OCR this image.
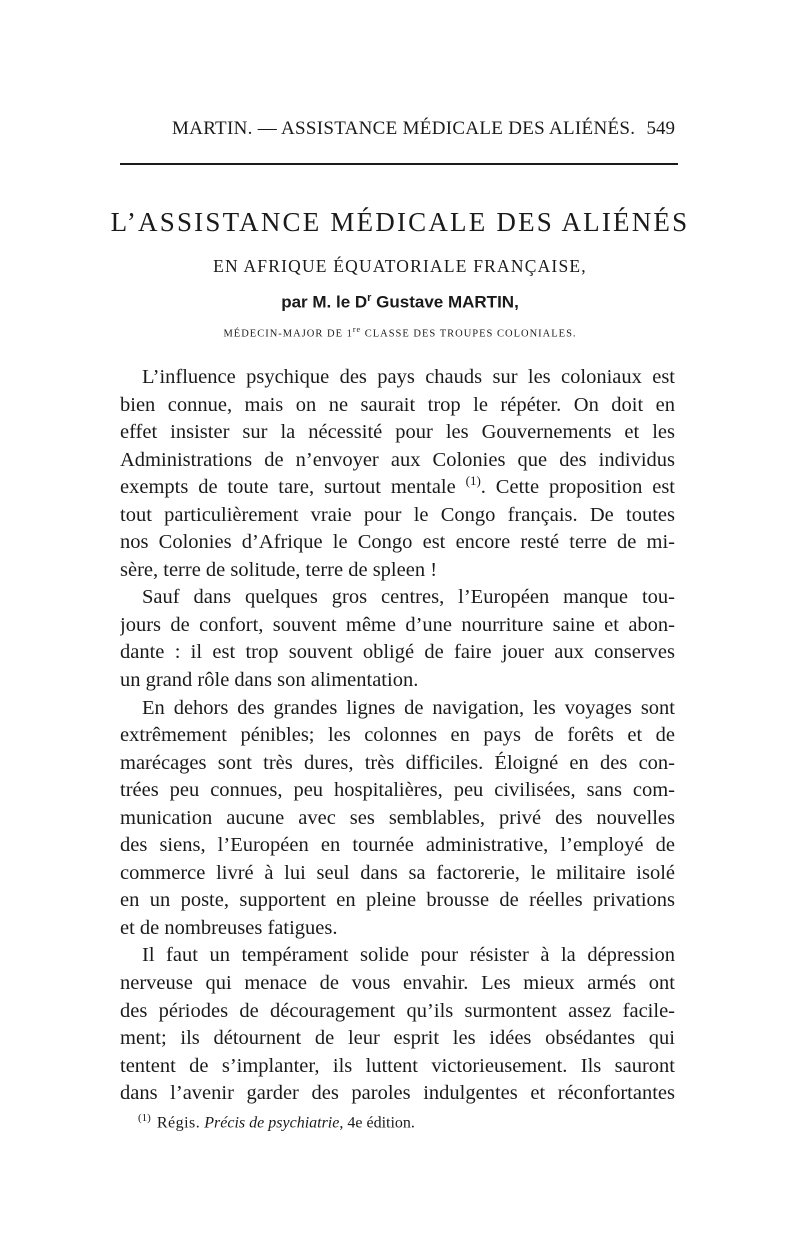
MARTIN. — ASSISTANCE MÉDICALE DES ALIÉNÉS. 549
L’ASSISTANCE MÉDICALE DES ALIÉNÉS
EN AFRIQUE ÉQUATORIALE FRANÇAISE,
par M. le $D^r$ Gustave MARTIN,
MÉDECIN-MAJOR DE 1re CLASSE DES TROUPES COLONIALES.
L’influence psychique des pays chauds sur les coloniaux est
bien connue, mais on ne saurait trop le répéter. On doit en
effet insister sur la nécessité pour les Gouvernements et les
Administrations de n’envoyer aux Colonies que des individus
exempts de toute tare, surtout mentale $^{(1)}$. Cette proposition est
tout particulièrement vraie pour le Congo français. De toutes
nos Colonies d’Afrique le Congo est encore resté terre de mi-
sère, terre de solitude, terre de spleen !
Sauf dans quelques gros centres, l’Européen manque tou-
jours de confort, souvent même d’une nourriture saine et abon-
dante : il est trop souvent obligé de faire jouer aux conserves
un grand rôle dans son alimentation.
En dehors des grandes lignes de navigation, les voyages sont
extrêmement pénibles; les colonnes en pays de forêts et de
marécages sont très dures, très difficiles. Éloigné en des con-
trées peu connues, peu hospitalières, peu civilisées, sans com-
munication aucune avec ses semblables, privé des nouvelles
des siens, l’Européen en tournée administrative, l’employé de
commerce livré à lui seul dans sa factorerie, le militaire isolé
en un poste, supportent en pleine brousse de réelles privations
et de nombreuses fatigues.
Il faut un tempérament solide pour résister à la dépression
nerveuse qui menace de vous envahir. Les mieux armés ont
des périodes de découragement qu’ils surmontent assez facile-
ment; ils détournent de leur esprit les idées obsédantes qui
tentent de s’implanter, ils luttent victorieusement. Ils sauront
dans l’avenir garder des paroles indulgentes et réconfortantes
$^{(1)}$ Régis. Précis de psychiatrie, 4e édition.
